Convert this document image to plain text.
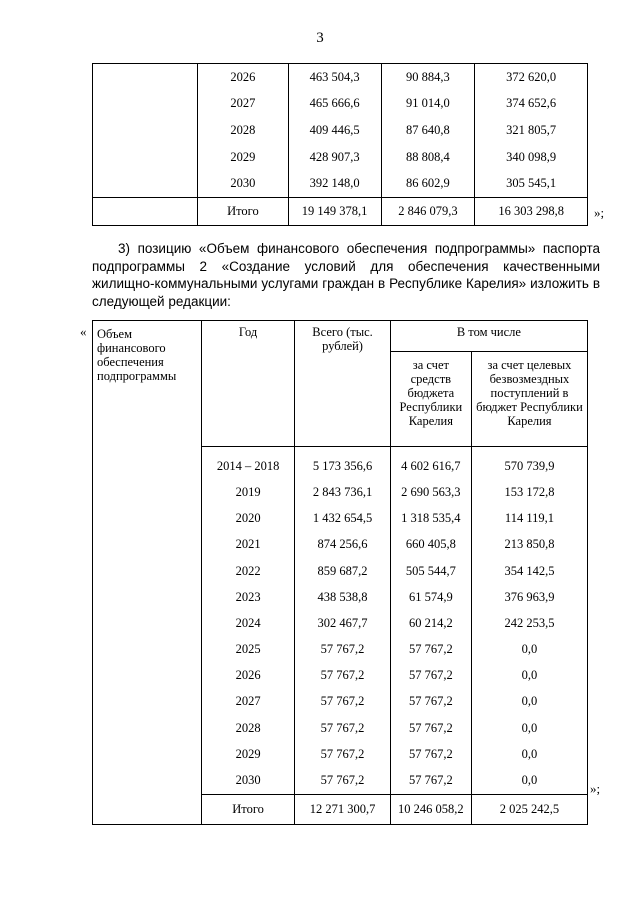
3
	2026	463 504,3	90 884,3	372 620,0
	2027	465 666,6	91 014,0	374 652,6
	2028	409 446,5	87 640,8	321 805,7
	2029	428 907,3	88 808,4	340 098,9
	2030	392 148,0	86 602,9	305 545,1
	Итого	19 149 378,1	2 846 079,3	16 303 298,8 »;
3) позицию «Объем финансового обеспечения подпрограммы» паспорта подпрограммы 2 «Создание условий для обеспечения качественными жилищно-коммунальными услугами граждан в Республике Карелия» изложить в следующей редакции:
« Объем финансового обеспечения подпрограммы	Год	Всего (тыс. рублей)	В том числе	
			за счет средств бюджета Республики Карелия	за счет целевых безвозмездных поступлений в бюджет Республики Карелия
	2014 – 2018	5 173 356,6	4 602 616,7	570 739,9
	2019	2 843 736,1	2 690 563,3	153 172,8
	2020	1 432 654,5	1 318 535,4	114 119,1
	2021	874 256,6	660 405,8	213 850,8
	2022	859 687,2	505 544,7	354 142,5
	2023	438 538,8	61 574,9	376 963,9
	2024	302 467,7	60 214,2	242 253,5
	2025	57 767,2	57 767,2	0,0
	2026	57 767,2	57 767,2	0,0
	2027	57 767,2	57 767,2	0,0
	2028	57 767,2	57 767,2	0,0
	2029	57 767,2	57 767,2	0,0
	2030	57 767,2	57 767,2	0,0
	Итого	12 271 300,7	10 246 058,2	2 025 242,5
»;
